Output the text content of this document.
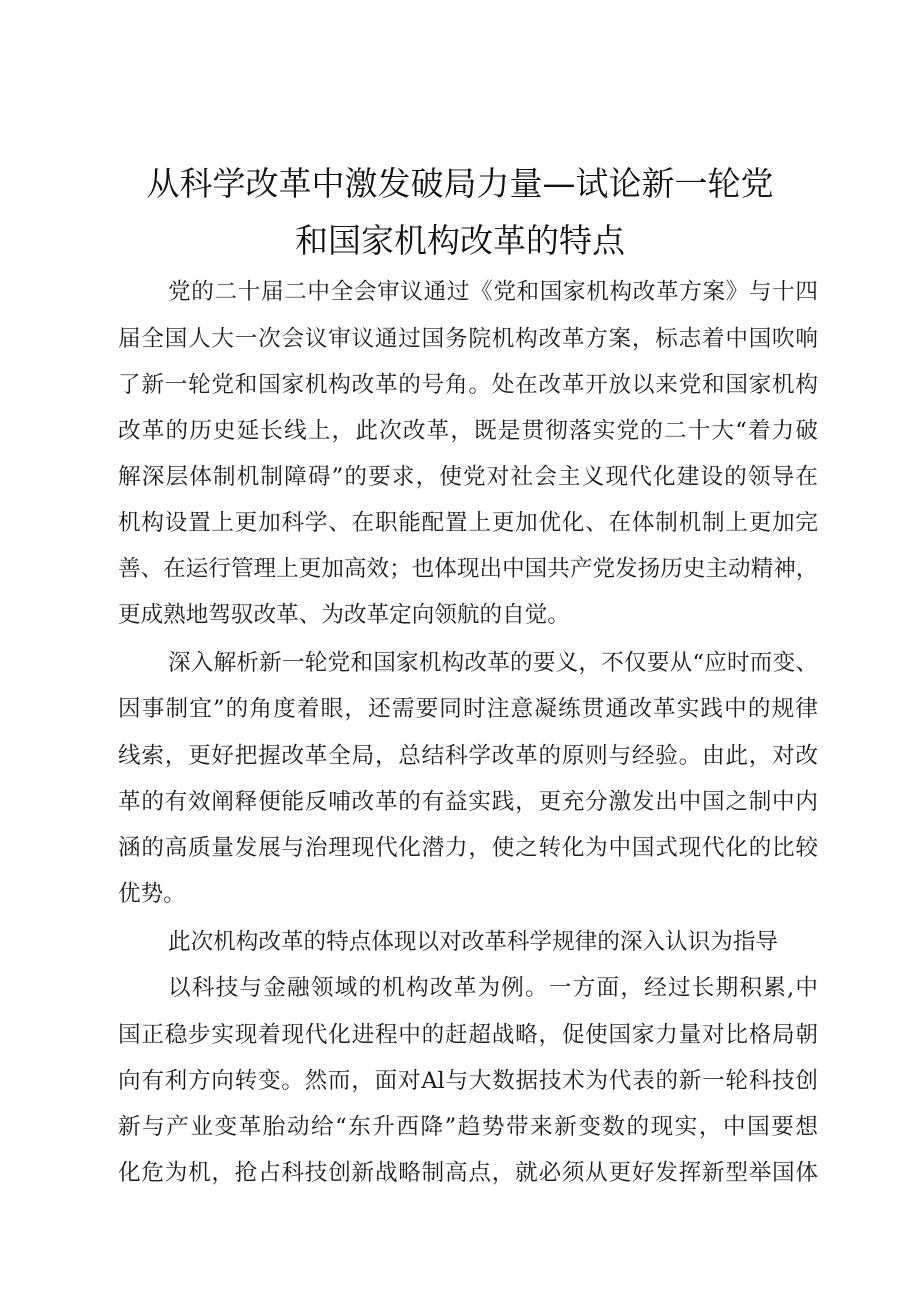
从科学改革中激发破局力量—试论新一轮党
和国家机构改革的特点

党的二十届二中全会审议通过《党和国家机构改革方案》与十四

届全国人大一次会议审议通过国务院机构改革方案，标志着中国吹响

了新一轮党和国家机构改革的号角。处在改革开放以来党和国家机构

改革的历史延长线上，此次改革，既是贯彻落实党的二十大“着力破

解深层体制机制障碍”的要求，使党对社会主义现代化建设的领导在

机构设置上更加科学、在职能配置上更加优化、在体制机制上更加完

善、在运行管理上更加高效；也体现出中国共产党发扬历史主动精神，

更成熟地驾驭改革、为改革定向领航的自觉。

深入解析新一轮党和国家机构改革的要义，不仅要从“应时而变、

因事制宜”的角度着眼，还需要同时注意凝练贯通改革实践中的规律

线索，更好把握改革全局，总结科学改革的原则与经验。由此，对改

革的有效阐释便能反哺改革的有益实践，更充分激发出中国之制中内

涵的高质量发展与治理现代化潜力，使之转化为中国式现代化的比较

优势。

此次机构改革的特点体现以对改革科学规律的深入认识为指导

以科技与金融领域的机构改革为例。一方面，经过长期积累,中

国正稳步实现着现代化进程中的赶超战略，促使国家力量对比格局朝

向有利方向转变。然而，面对Al与大数据技术为代表的新一轮科技创

新与产业变革胎动给“东升西降”趋势带来新变数的现实，中国要想

化危为机，抢占科技创新战略制高点，就必须从更好发挥新型举国体
